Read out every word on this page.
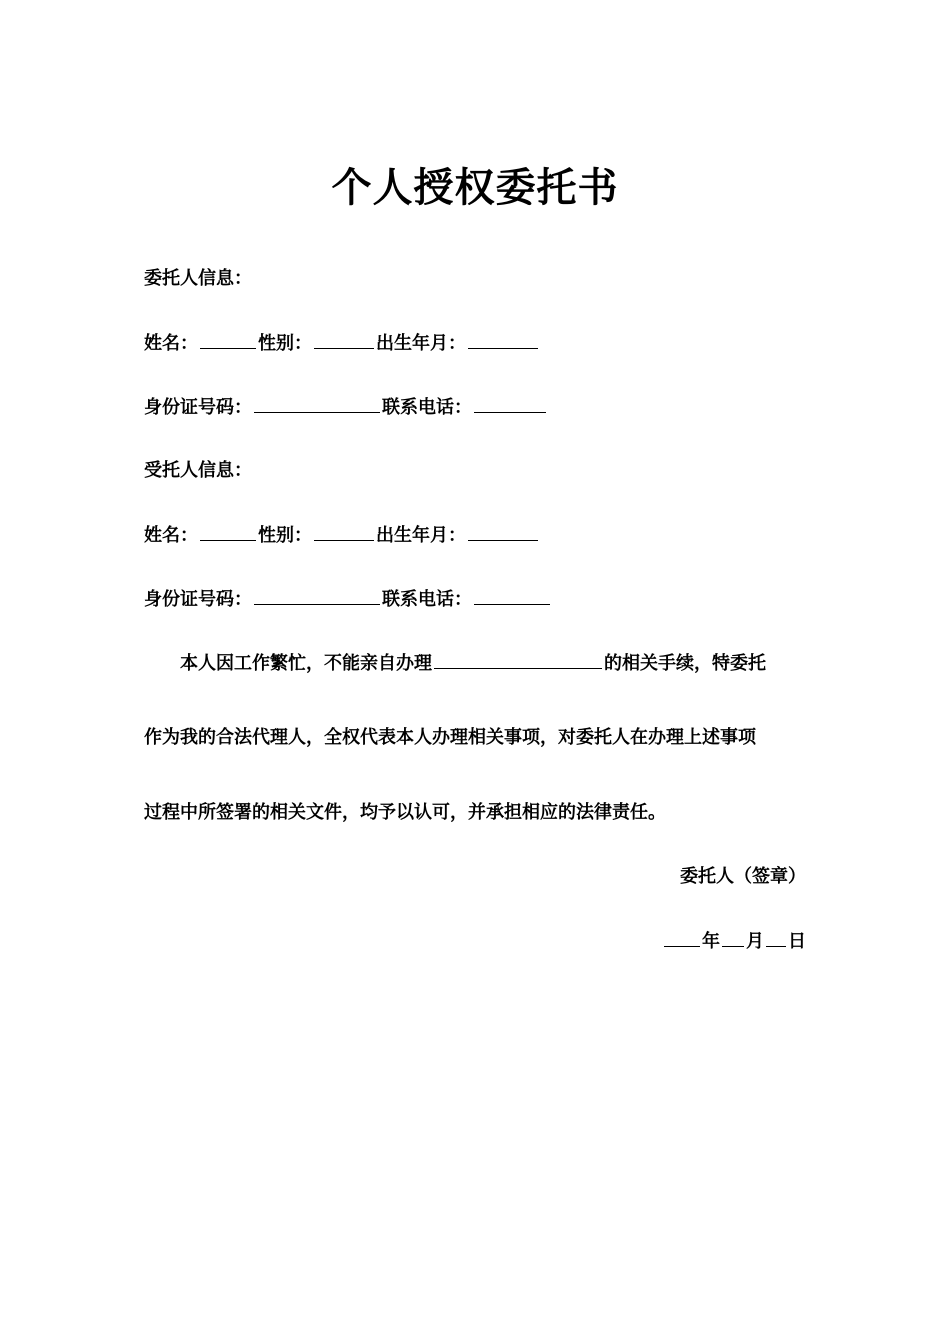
个人授权委托书
委托人信息：
姓名：	性别：	出生年月：
身份证号码：	联系电话：
受托人信息：
姓名：	性别：	出生年月：
身份证号码：	联系电话：
本人因工作繁忙，不能亲自办理	的相关手续，特委托
作为我的合法代理人，全权代表本人办理相关事项，对委托人在办理上述事项
过程中所签署的相关文件，均予以认可，并承担相应的法律责任。
委托人（签章）
年 月 日
